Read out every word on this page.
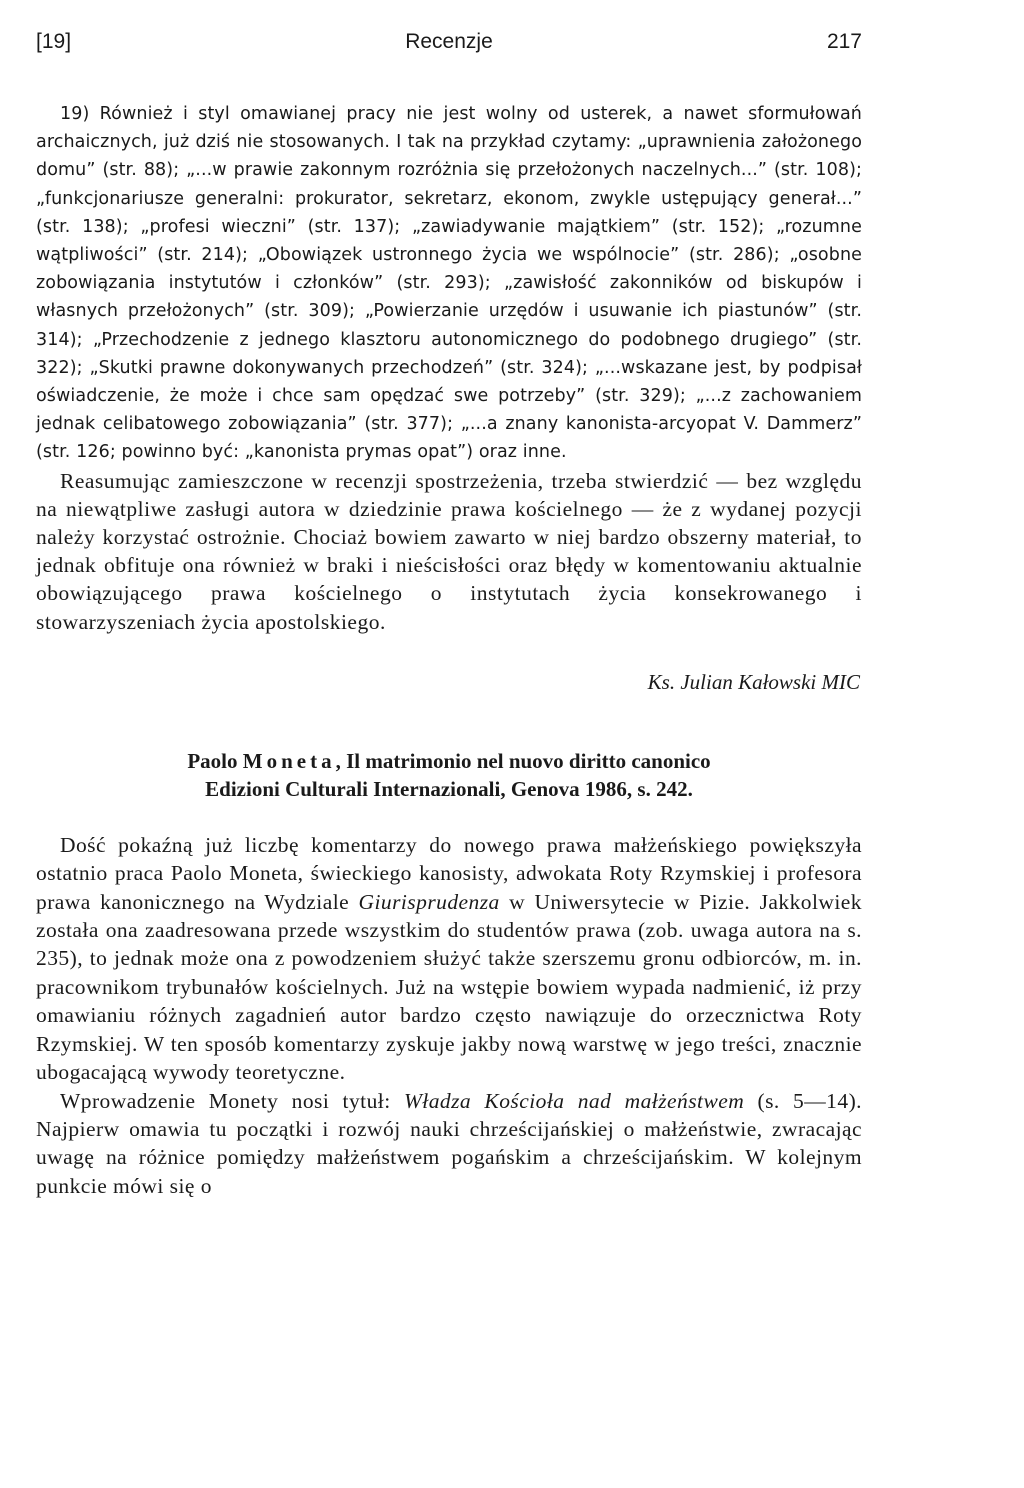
[19]	Recenzje	217

19) Również i styl omawianej pracy nie jest wolny od usterek, a nawet sformułowań archaicznych, już dziś nie stosowanych. I tak na przykład czytamy: „uprawnienia założonego domu” (str. 88); „...w prawie zakonnym rozróżnia się przełożonych naczelnych...” (str. 108); „funkcjonariusze generalni: prokurator, sekretarz, ekonom, zwykle ustępujący generał...” (str. 138); „profesi wieczni” (str. 137); „zawiadywanie majątkiem” (str. 152); „rozumne wątpliwości” (str. 214); „Obowiązek ustronnego życia we wspólnocie” (str. 286); „osobne zobowiązania instytutów i członków” (str. 293); „zawisłość zakonników od biskupów i własnych przełożonych” (str. 309); „Powierzanie urzędów i usuwanie ich piastunów” (str. 314); „Przechodzenie z jednego klasztoru autonomicznego do podobnego drugiego” (str. 322); „Skutki prawne dokonywanych przechodzeń” (str. 324); „...wskazane jest, by podpisał oświadczenie, że może i chce sam opędzać swe potrzeby” (str. 329); „...z zachowaniem jednak celibatowego zobowiązania” (str. 377); „...a znany kanonista-arcyopat V. Dammerz” (str. 126; powinno być: „kanonista prymas opat”) oraz inne.

Reasumując zamieszczone w recenzji spostrzeżenia, trzeba stwierdzić — bez względu na niewątpliwe zasługi autora w dziedzinie prawa kościelnego — że z wydanej pozycji należy korzystać ostrożnie. Chociaż bowiem zawarto w niej bardzo obszerny materiał, to jednak obfituje ona również w braki i nieścisłości oraz błędy w komentowaniu aktualnie obowiązującego prawa kościelnego o instytutach życia konsekrowanego i stowarzyszeniach życia apostolskiego.

Ks. Julian Kałowski MIC
Paolo Moneta, Il matrimonio nel nuovo diritto canonico
Edizioni Culturali Internazionali, Genova 1986, s. 242.

Dość pokaźną już liczbę komentarzy do nowego prawa małżeńskiego powiększyła ostatnio praca Paolo Moneta, świeckiego kanosisty, adwokata Roty Rzymskiej i profesora prawa kanonicznego na Wydziale Giurisprudenza w Uniwersytecie w Pizie. Jakkolwiek została ona zaadresowana przede wszystkim do studentów prawa (zob. uwaga autora na s. 235), to jednak może ona z powodzeniem służyć także szerszemu gronu odbiorców, m. in. pracownikom trybunałów kościelnych. Już na wstępie bowiem wypada nadmienić, iż przy omawianiu różnych zagadnień autor bardzo często nawiązuje do orzecznictwa Roty Rzymskiej. W ten sposób komentarzy zyskuje jakby nową warstwę w jego treści, znacznie ubogacającą wywody teoretyczne.

Wprowadzenie Monety nosi tytuł: Władza Kościoła nad małżeństwem (s. 5—14). Najpierw omawia tu początki i rozwój nauki chrześcijańskiej o małżeństwie, zwracając uwagę na różnice pomiędzy małżeństwem pogańskim a chrześcijańskim. W kolejnym punkcie mówi się o
